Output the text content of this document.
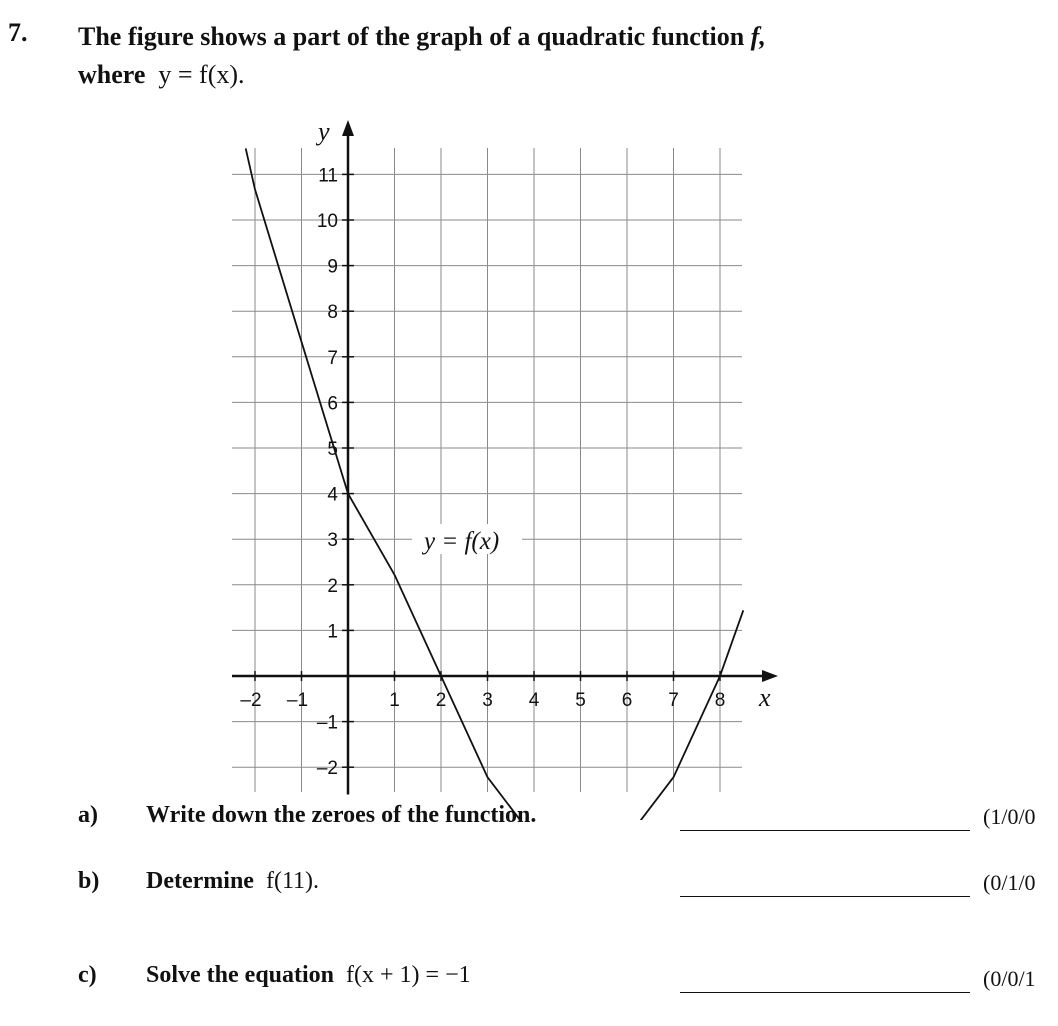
7. The figure shows a part of the graph of a quadratic function f,
where y = f(x).
–2 –1	1 2 3 4 5 6 7 8
–2
–1
1
2
3
4
5
6
7
8
9
10
11
x
y
y = f(x)
a) Write down the zeroes of the function.	(1/0/0
b) Determine f(11).	(0/1/0
c) Solve the equation f(x + 1) = −1	(0/0/1
